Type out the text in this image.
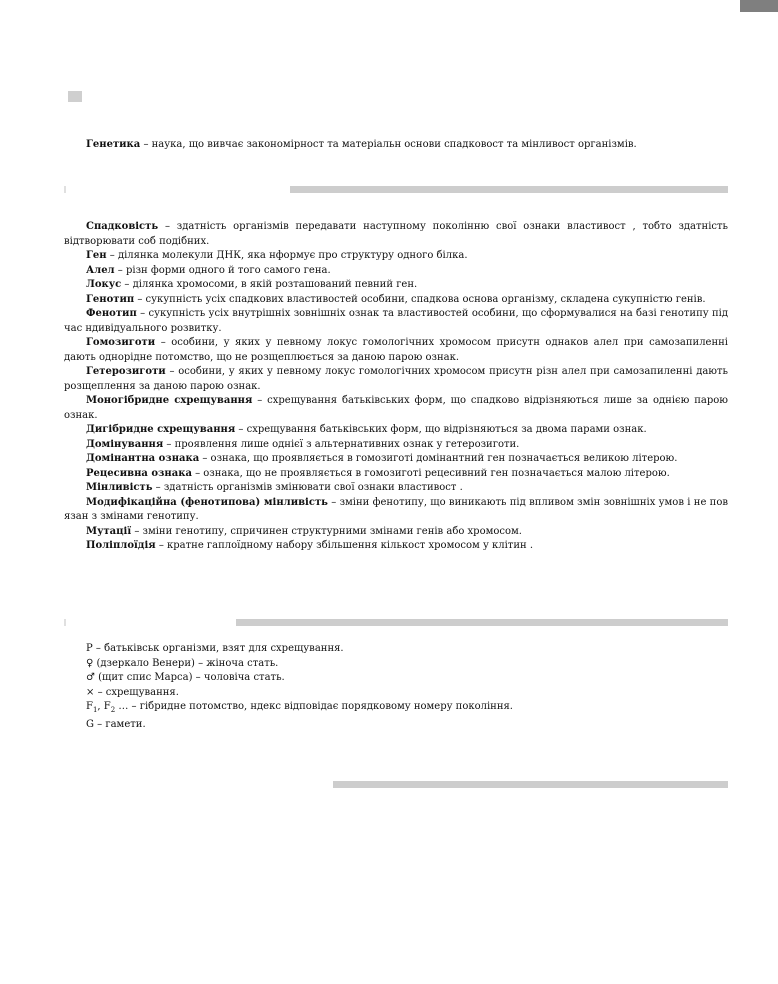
Генетика – наука, що вивчає закономірност та матеріальн основи спадковост та мінливост організмів.

Спадковість – здатність організмів передавати наступному поколінню свої ознаки властивост , тобто здатність відтворювати соб подібних.

Ген – ділянка молекули ДНК, яка нформує про структуру одного білка.

Алел – різн форми одного й того самого гена.

Локус – ділянка хромосоми, в якій розташований певний ген.

Генотип – сукупність усіх спадкових властивостей особини, спадкова основа організму, складена сукупністю генів.

Фенотип – сукупність усіх внутрішніх зовнішніх ознак та властивостей особини, що сформувалися на базі генотипу під час ндивідуального розвитку.

Гомозиготи – особини, у яких у певному локус гомологічних хромосом присутн однаков алел при самозапиленні дають однорідне потомство, що не розщеплюється за даною парою ознак.

Гетерозиготи – особини, у яких у певному локус гомологічних хромосом присутн різн алел при самозапиленні дають розщеплення за даною парою ознак.

Моногібридне схрещування – схрещування батьківських форм, що спадково відрізняються лише за однією парою ознак.

Дигібридне схрещування – схрещування батьківських форм, що відрізняються за двома парами ознак.

Домінування – проявлення лише однієї з альтернативних ознак у гетерозиготи.

Домінантна ознака – ознака, що проявляється в гомозиготі домінантний ген позначається великою літерою.

Рецесивна ознака – ознака, що не проявляється в гомозиготі рецесивний ген позначається малою літерою.

Мінливість – здатність організмів змінювати свої ознаки властивост .

Модифікаційна (фенотипова) мінливість – зміни фенотипу, що виникають під впливом змін зовнішніх умов і не пов язан з змінами генотипу.

Мутації – зміни генотипу, спричинен структурними змінами генів або хромосом.

Поліплоїдія – кратне гаплоїдному набору збільшення кількост хромосом у клітин .

P – батьківськ організми, взят для схрещування.

♀ (дзеркало Венери) – жіноча стать.

♂ (щит спис Марса) – чоловіча стать.

× – схрещування.

$F_1$, $F_2$ … – гібридне потомство, ндекс відповідає порядковому номеру покоління.

G – гамети.
